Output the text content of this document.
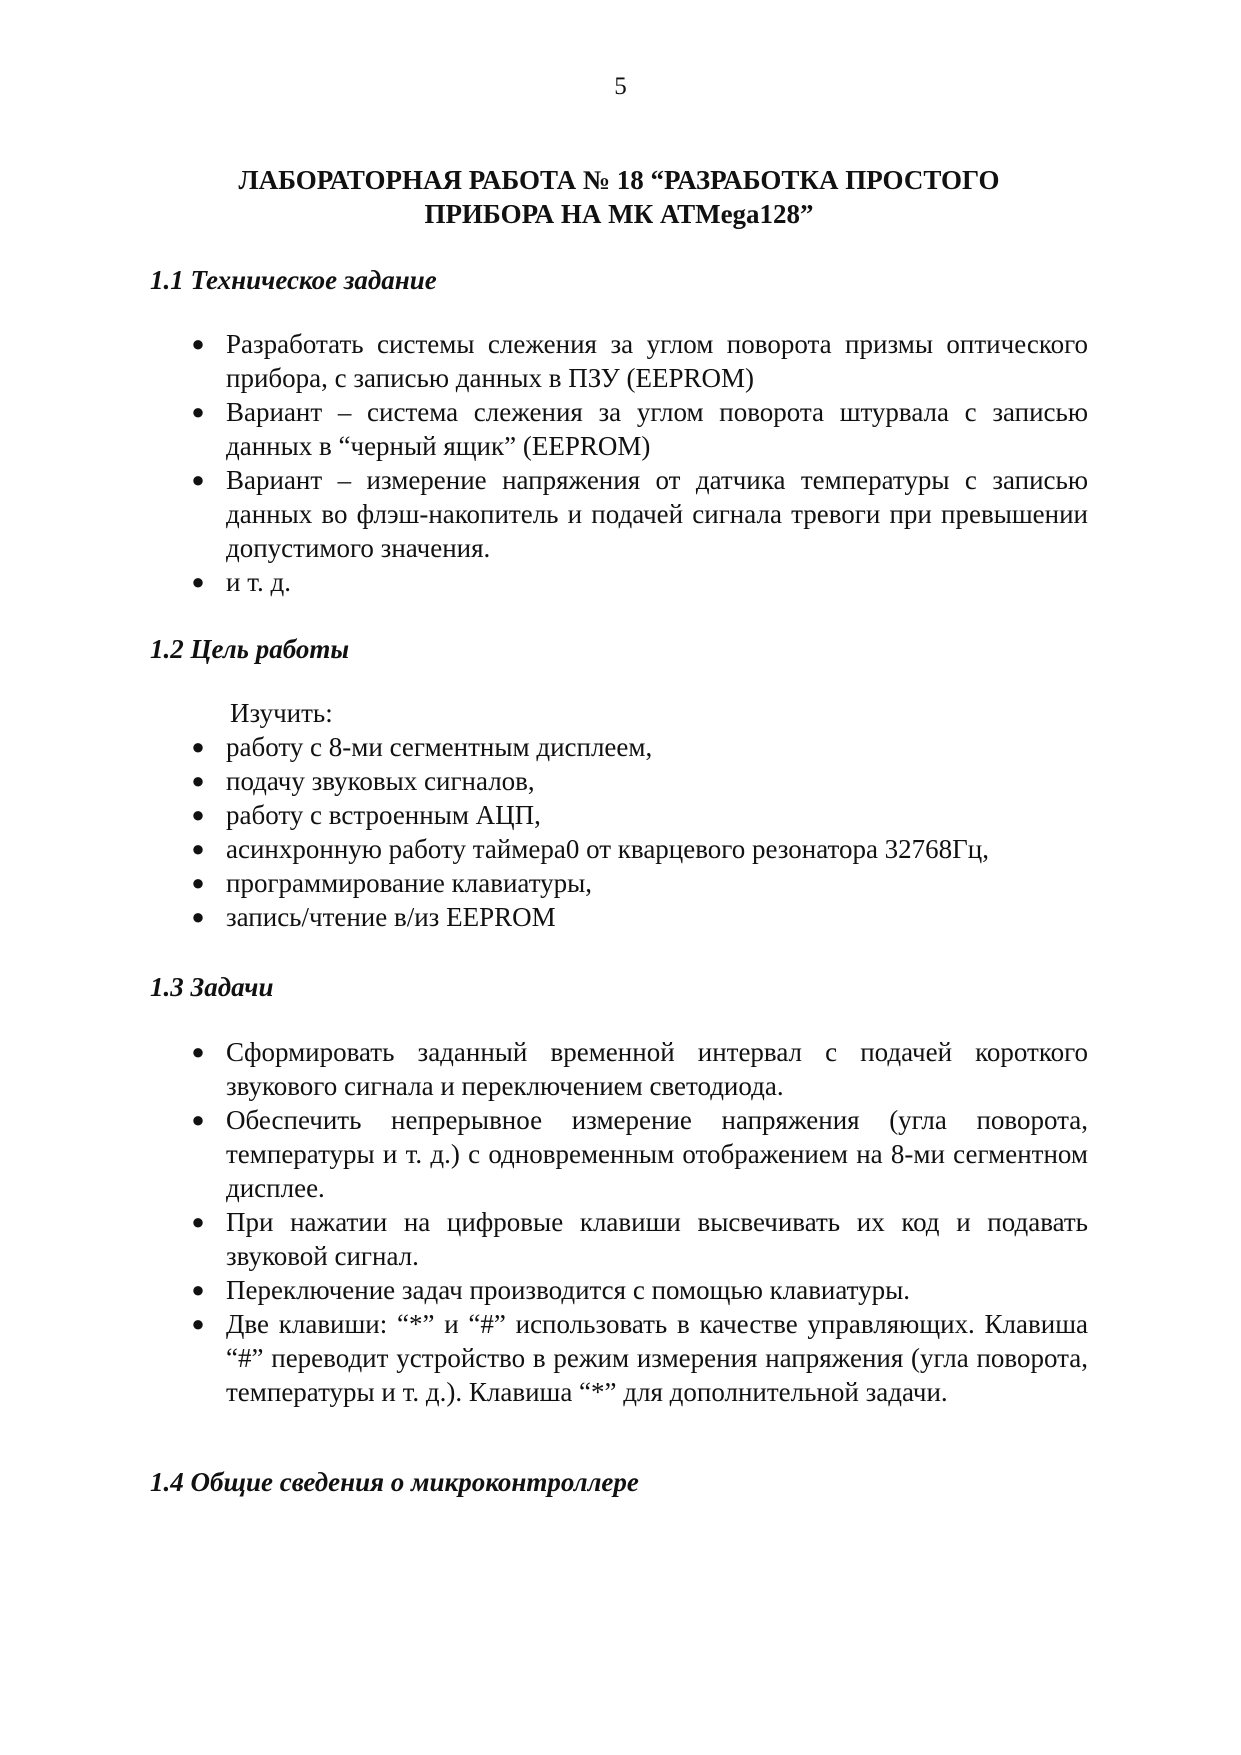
5
ЛАБОРАТОРНАЯ РАБОТА № 18 “РАЗРАБОТКА ПРОСТОГО
ПРИБОРА НА МК АТMega128”
1.1 Техническое задание
● Разработать системы слежения за углом поворота призмы оптического прибора, с записью данных в ПЗУ (EEPROM)
● Вариант – система слежения за углом поворота штурвала с записью данных в “черный ящик” (EEPROM)
● Вариант – измерение напряжения от датчика температуры с записью данных во флэш-накопитель и подачей сигнала тревоги при превышении допустимого значения.
● и т. д.
1.2 Цель работы

Изучить:

● работу с 8-ми сегментным дисплеем,
● подачу звуковых сигналов,
● работу с встроенным АЦП,
● асинхронную работу таймера0 от кварцевого резонатора 32768Гц,
● программирование клавиатуры,
● запись/чтение в/из EEPROM
1.3 Задачи
● Сформировать заданный временной интервал с подачей короткого звукового сигнала и переключением светодиода.
● Обеспечить непрерывное измерение напряжения (угла поворота, температуры и т. д.) с одновременным отображением на 8-ми сегментном дисплее.
● При нажатии на цифровые клавиши высвечивать их код и подавать звуковой сигнал.
● Переключение задач производится с помощью клавиатуры.
● Две клавиши: “*” и “#” использовать в качестве управляющих. Клавиша “#” переводит устройство в режим измерения напряжения (угла поворота, температуры и т. д.). Клавиша “*” для дополнительной задачи.
1.4 Общие сведения о микроконтроллере
